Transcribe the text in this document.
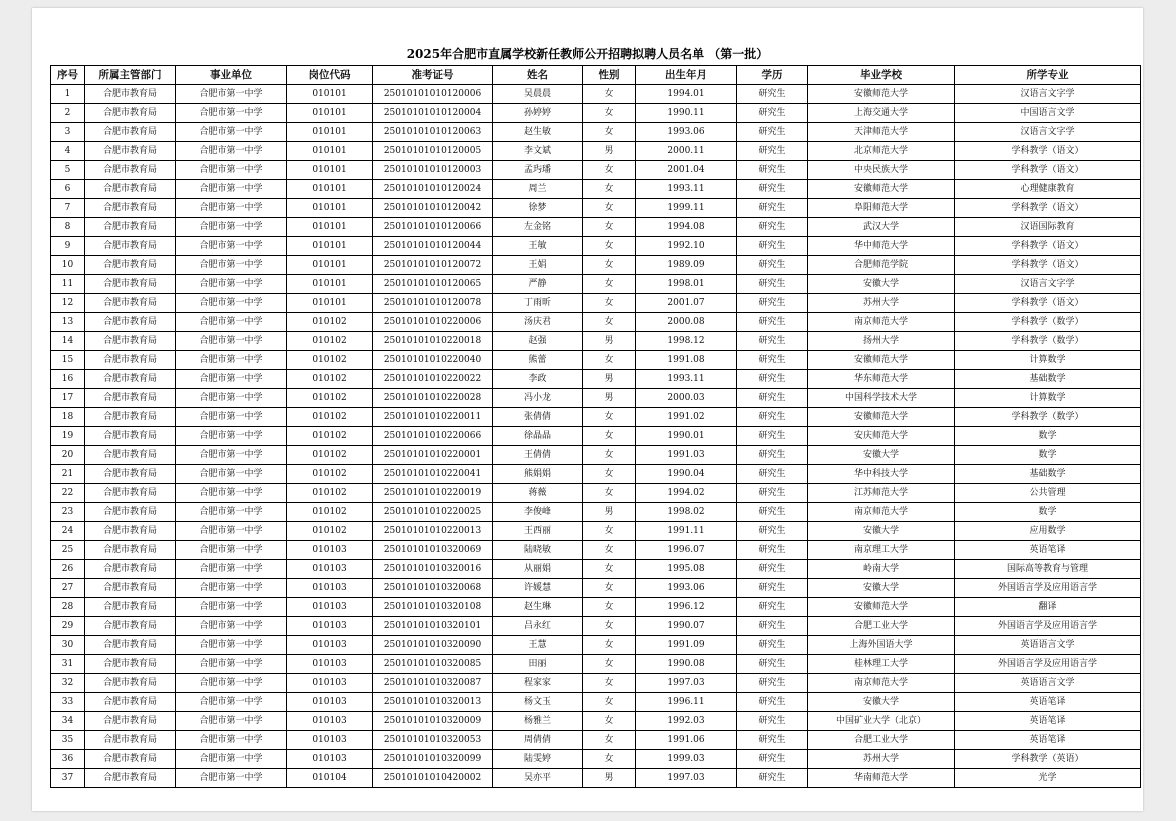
2025年合肥市直属学校新任教师公开招聘拟聘人员名单 （第一批）
序号	所属主管部门	事业单位	岗位代码	准考证号	姓名	性别	出生年月	学历	毕业学校	所学专业
1	合肥市教育局	合肥市第一中学	010101	25010101010120006	吴晨晨	女	1994.01	研究生	安徽师范大学	汉语言文字学
2	合肥市教育局	合肥市第一中学	010101	25010101010120004	孙婷婷	女	1990.11	研究生	上海交通大学	中国语言文学
3	合肥市教育局	合肥市第一中学	010101	25010101010120063	赵生敏	女	1993.06	研究生	天津师范大学	汉语言文字学
4	合肥市教育局	合肥市第一中学	010101	25010101010120005	李文斌	男	2000.11	研究生	北京师范大学	学科教学（语文）
5	合肥市教育局	合肥市第一中学	010101	25010101010120003	孟玙璠	女	2001.04	研究生	中央民族大学	学科教学（语文）
6	合肥市教育局	合肥市第一中学	010101	25010101010120024	周兰	女	1993.11	研究生	安徽师范大学	心理健康教育
7	合肥市教育局	合肥市第一中学	010101	25010101010120042	徐梦	女	1999.11	研究生	阜阳师范大学	学科教学（语文）
8	合肥市教育局	合肥市第一中学	010101	25010101010120066	左金铭	女	1994.08	研究生	武汉大学	汉语国际教育
9	合肥市教育局	合肥市第一中学	010101	25010101010120044	王敏	女	1992.10	研究生	华中师范大学	学科教学（语文）
10	合肥市教育局	合肥市第一中学	010101	25010101010120072	王娟	女	1989.09	研究生	合肥师范学院	学科教学（语文）
11	合肥市教育局	合肥市第一中学	010101	25010101010120065	严静	女	1998.01	研究生	安徽大学	汉语言文字学
12	合肥市教育局	合肥市第一中学	010101	25010101010120078	丁雨昕	女	2001.07	研究生	苏州大学	学科教学（语文）
13	合肥市教育局	合肥市第一中学	010102	25010101010220006	汤庆君	女	2000.08	研究生	南京师范大学	学科教学（数学）
14	合肥市教育局	合肥市第一中学	010102	25010101010220018	赵强	男	1998.12	研究生	扬州大学	学科教学（数学）
15	合肥市教育局	合肥市第一中学	010102	25010101010220040	熊蕾	女	1991.08	研究生	安徽师范大学	计算数学
16	合肥市教育局	合肥市第一中学	010102	25010101010220022	李政	男	1993.11	研究生	华东师范大学	基础数学
17	合肥市教育局	合肥市第一中学	010102	25010101010220028	冯小龙	男	2000.03	研究生	中国科学技术大学	计算数学
18	合肥市教育局	合肥市第一中学	010102	25010101010220011	张倩倩	女	1991.02	研究生	安徽师范大学	学科教学（数学）
19	合肥市教育局	合肥市第一中学	010102	25010101010220066	徐晶晶	女	1990.01	研究生	安庆师范大学	数学
20	合肥市教育局	合肥市第一中学	010102	25010101010220001	王倩倩	女	1991.03	研究生	安徽大学	数学
21	合肥市教育局	合肥市第一中学	010102	25010101010220041	熊娟娟	女	1990.04	研究生	华中科技大学	基础数学
22	合肥市教育局	合肥市第一中学	010102	25010101010220019	蒋薇	女	1994.02	研究生	江苏师范大学	公共管理
23	合肥市教育局	合肥市第一中学	010102	25010101010220025	李俊峰	男	1998.02	研究生	南京师范大学	数学
24	合肥市教育局	合肥市第一中学	010102	25010101010220013	王西丽	女	1991.11	研究生	安徽大学	应用数学
25	合肥市教育局	合肥市第一中学	010103	25010101010320069	陆晓敏	女	1996.07	研究生	南京理工大学	英语笔译
26	合肥市教育局	合肥市第一中学	010103	25010101010320016	从丽娟	女	1995.08	研究生	岭南大学	国际高等教育与管理
27	合肥市教育局	合肥市第一中学	010103	25010101010320068	许媛慧	女	1993.06	研究生	安徽大学	外国语言学及应用语言学
28	合肥市教育局	合肥市第一中学	010103	25010101010320108	赵生琳	女	1996.12	研究生	安徽师范大学	翻译
29	合肥市教育局	合肥市第一中学	010103	25010101010320101	吕永红	女	1990.07	研究生	合肥工业大学	外国语言学及应用语言学
30	合肥市教育局	合肥市第一中学	010103	25010101010320090	王慧	女	1991.09	研究生	上海外国语大学	英语语言文学
31	合肥市教育局	合肥市第一中学	010103	25010101010320085	田丽	女	1990.08	研究生	桂林理工大学	外国语言学及应用语言学
32	合肥市教育局	合肥市第一中学	010103	25010101010320087	程家家	女	1997.03	研究生	南京师范大学	英语语言文学
33	合肥市教育局	合肥市第一中学	010103	25010101010320013	杨文玉	女	1996.11	研究生	安徽大学	英语笔译
34	合肥市教育局	合肥市第一中学	010103	25010101010320009	杨雅兰	女	1992.03	研究生	中国矿业大学（北京）	英语笔译
35	合肥市教育局	合肥市第一中学	010103	25010101010320053	周倩倩	女	1991.06	研究生	合肥工业大学	英语笔译
36	合肥市教育局	合肥市第一中学	010103	25010101010320099	陆雯婷	女	1999.03	研究生	苏州大学	学科教学（英语）
37	合肥市教育局	合肥市第一中学	010104	25010101010420002	吴亦平	男	1997.03	研究生	华南师范大学	光学
